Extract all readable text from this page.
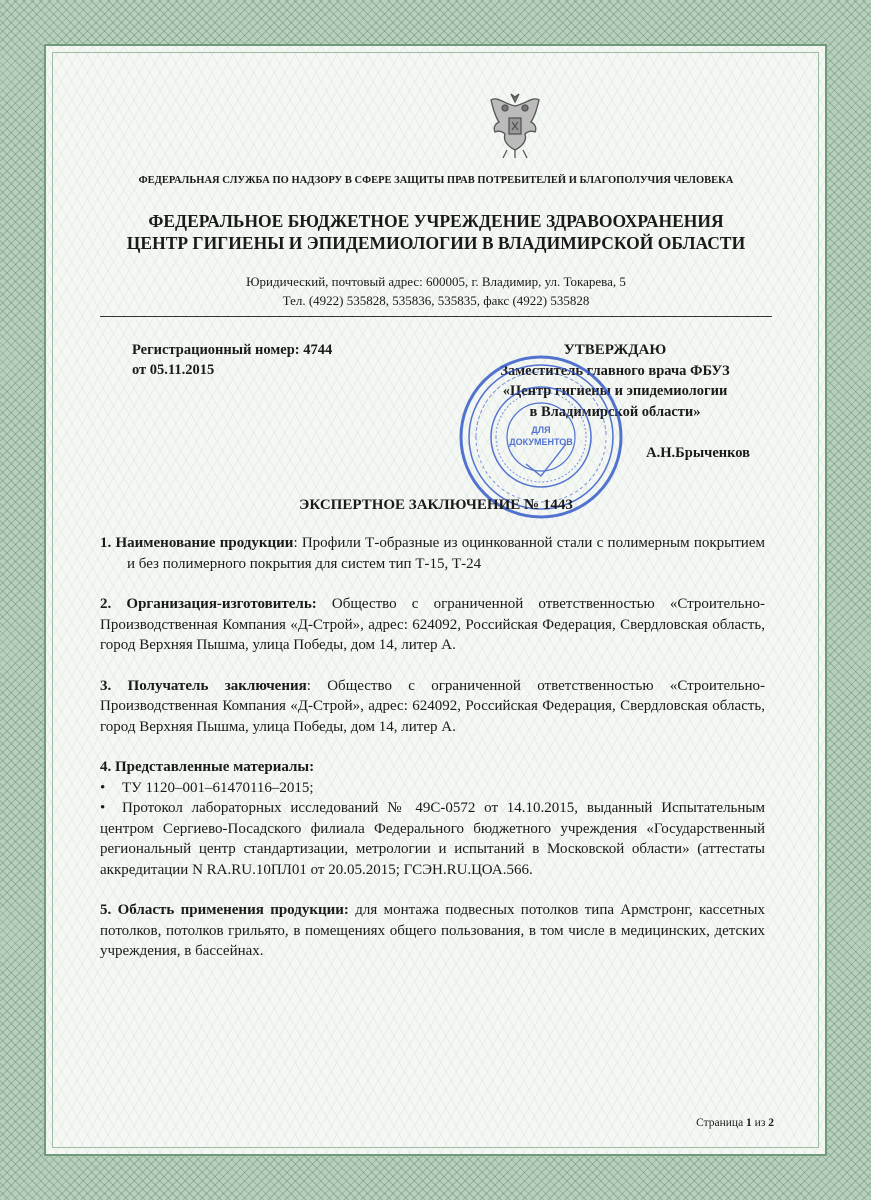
ФЕДЕРАЛЬНАЯ СЛУЖБА ПО НАДЗОРУ В СФЕРЕ ЗАЩИТЫ ПРАВ ПОТРЕБИТЕЛЕЙ И БЛАГОПОЛУЧИЯ ЧЕЛОВЕКА
ФЕДЕРАЛЬНОЕ БЮДЖЕТНОЕ УЧРЕЖДЕНИЕ ЗДРАВООХРАНЕНИЯ
ЦЕНТР ГИГИЕНЫ И ЭПИДЕМИОЛОГИИ В ВЛАДИМИРСКОЙ ОБЛАСТИ
Юридический, почтовый адрес: 600005, г. Владимир, ул. Токарева, 5
Тел. (4922) 535828, 535836, 535835, факс (4922) 535828
Регистрационный номер: 4744
от 05.11.2015
УТВЕРЖДАЮ
Заместитель главного врача ФБУЗ
«Центр гигиены и эпидемиологии
в Владимирской области»
А.Н.Брыченков
ДЛЯ
ДОКУМЕНТОВ
ЭКСПЕРТНОЕ ЗАКЛЮЧЕНИЕ № 1443
1. Наименование продукции: Профили Т-образные из оцинкованной стали с полимерным покрытием и без полимерного покрытия для систем тип Т-15, Т-24
2. Организация-изготовитель: Общество с ограниченной ответственностью «Строительно-Производственная Компания «Д-Строй», адрес: 624092, Российская Федерация, Свердловская область, город Верхняя Пышма, улица Победы, дом 14, литер А.
3. Получатель заключения: Общество с ограниченной ответственностью «Строительно-Производственная Компания «Д-Строй», адрес: 624092, Российская Федерация, Свердловская область, город Верхняя Пышма, улица Победы, дом 14, литер А.
4. Представленные материалы:
• ТУ 1120–001–61470116–2015;
• Протокол лабораторных исследований № 49С-0572 от 14.10.2015, выданный Испытательным центром Сергиево-Посадского филиала Федерального бюджетного учреждения «Государственный региональный центр стандартизации, метрологии и испытаний в Московской области» (аттестаты аккредитации N RA.RU.10ПЛ01 от 20.05.2015; ГСЭН.RU.ЦОА.566.
5. Область применения продукции: для монтажа подвесных потолков типа Армстронг, кассетных потолков, потолков грильято, в помещениях общего пользования, в том числе в медицинских, детских учреждения, в бассейнах.
Страница 1 из 2
